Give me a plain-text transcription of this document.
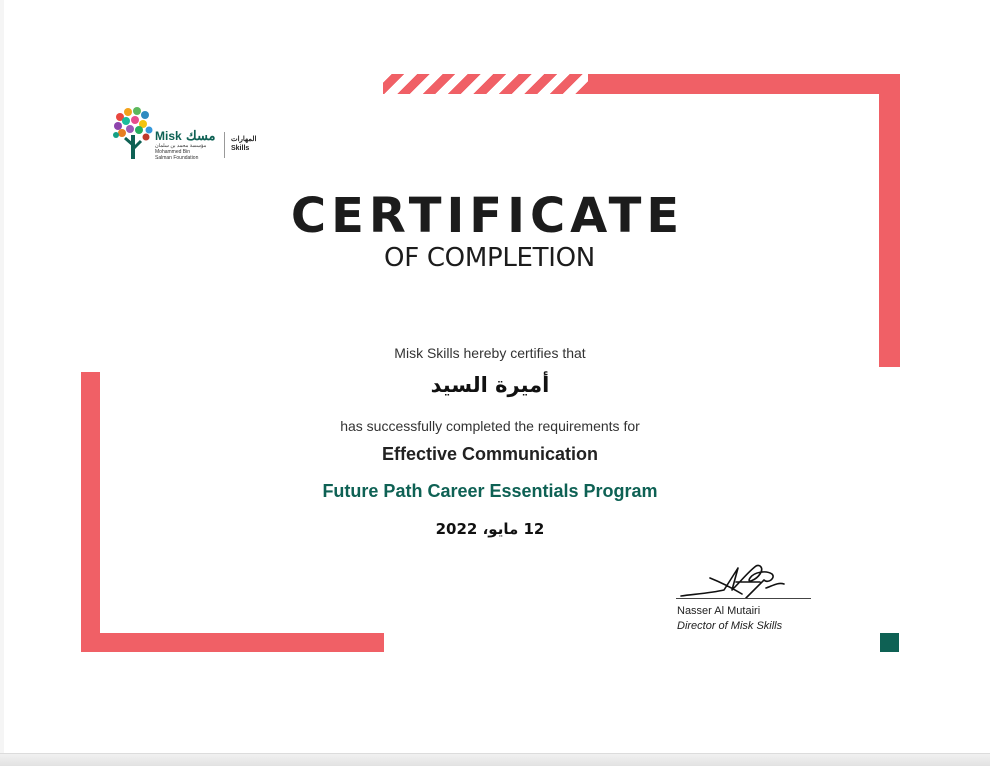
Misk مسك
مؤسسة محمد بن سلمان
Mohammed Bin Salman Foundation
المهارات
Skills
CERTIFICATE
OF COMPLETION
Misk Skills hereby certifies that
أميرة السيد
has successfully completed the requirements for
Effective Communication
Future Path Career Essentials Program
12 مايو، 2022
Nasser Al Mutairi
Director of Misk Skills
